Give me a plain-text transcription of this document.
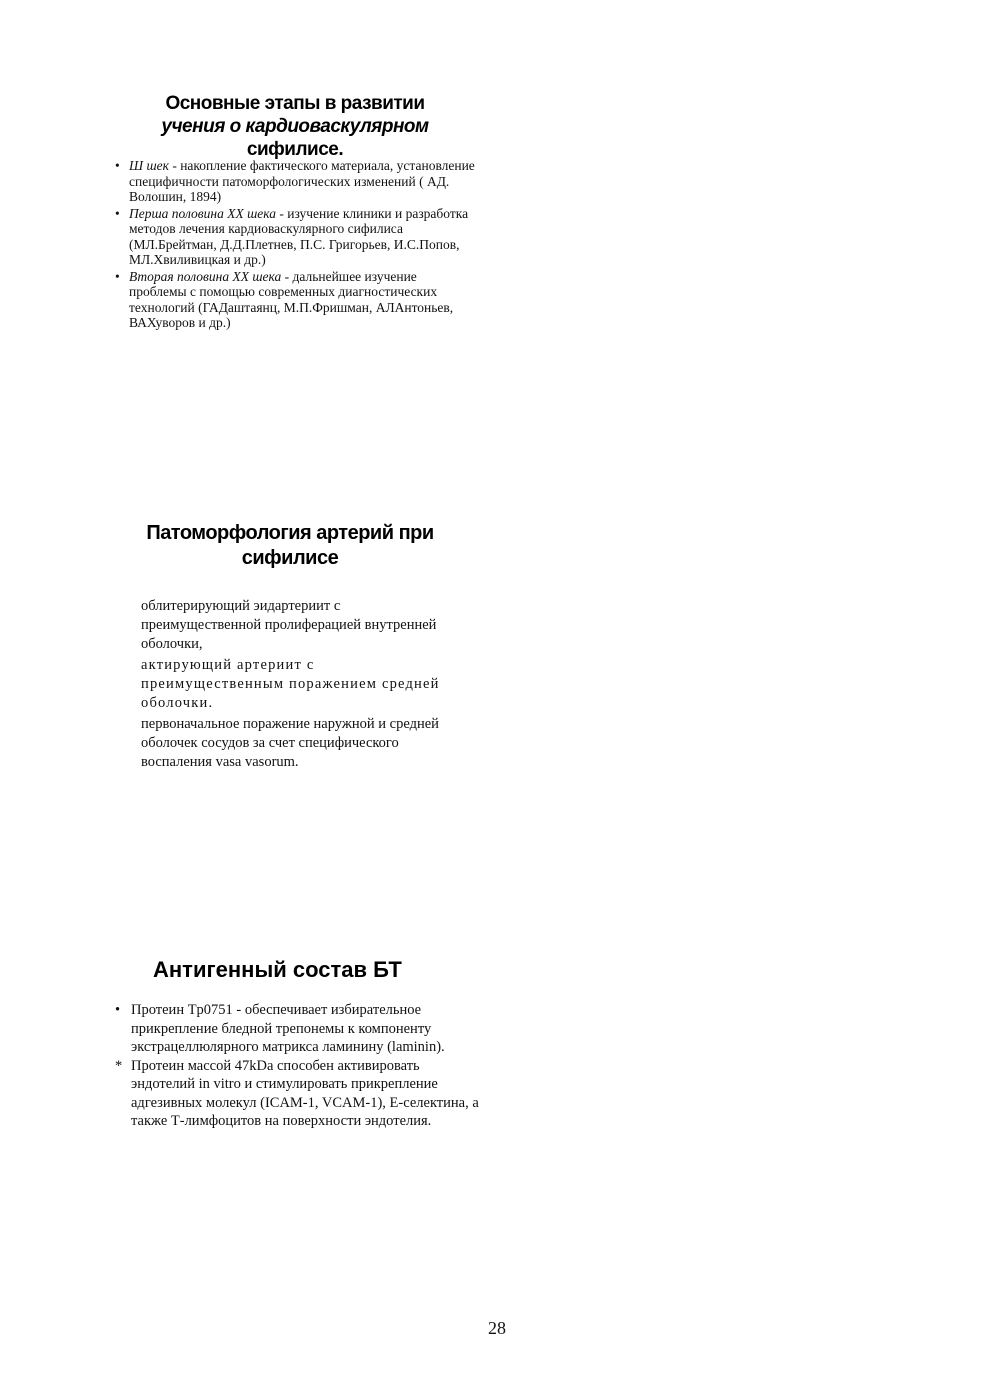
Основные этапы в развитии
учения о кардиоваскулярном
сифилисе.
• Ш шек - накопление фактического материала, установление специфичности патоморфологических изменений ( АД. Волошин, 1894)
• Перша половина XX шека - изучение клиники и разработка методов лечения кардиоваскулярного сифилиса (МЛ.Брейтман, Д.Д.Плетнев, П.С. Григорьев, И.С.Попов, МЛ.Хвиливицкая и др.)
• Вторая половина XX шека - дальнейшее изучение проблемы с помощью современных диагностических технологий (ГАДаштаянц, М.П.Фришман, АЛАнтоньев, ВАХуворов и др.)
Патоморфология артерий при
сифилисе

облитерирующий эидартериит с преимущественной пролиферацией внутренней оболочки,

актирующий артериит с преимущественным поражением средней оболочки.

первоначальное поражение наружной и средней оболочек сосудов за счет специфического воспаления vasa vasorum.

Антигенный состав БТ
• Протеин Tp0751 - обеспечивает избирательное прикрепление бледной трепонемы к компоненту экстрацеллюлярного матрикса ламинину (laminin).
* Протеин массой 47kDa способен активировать эндотелий in vitro и стимулировать прикрепление адгезивных молекул (ICAM-1, VCAM-1), E-селектина, а также Т-лимфоцитов на поверхности эндотелия.
28
